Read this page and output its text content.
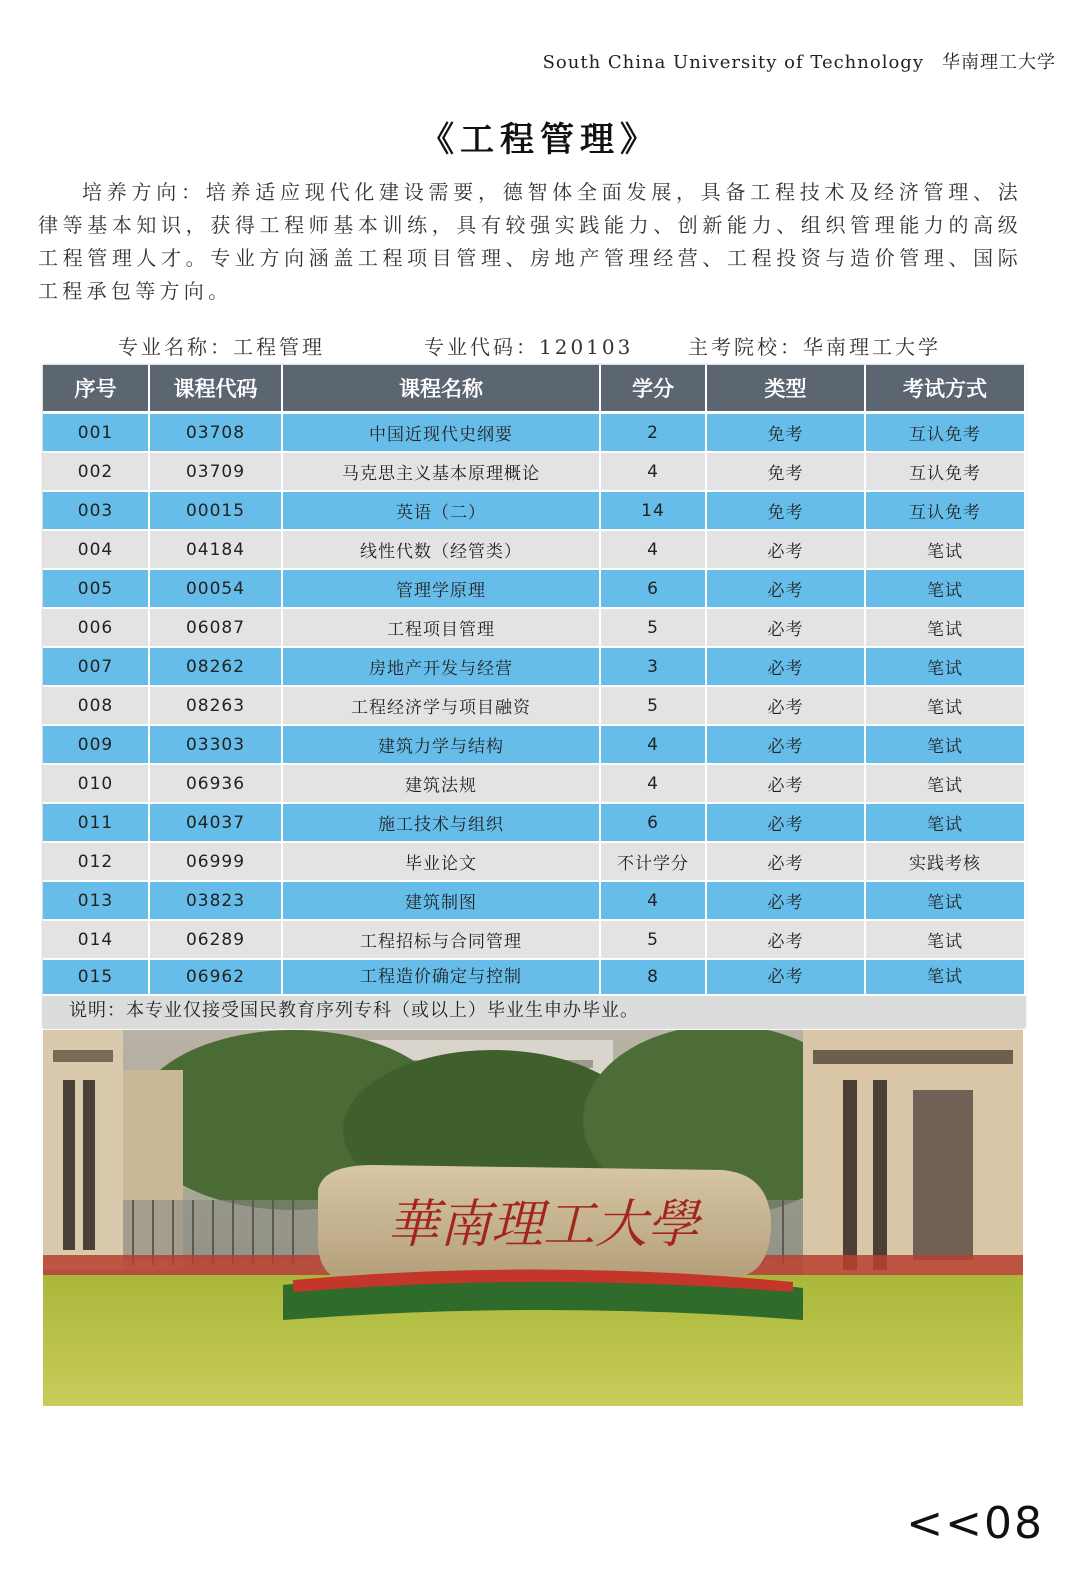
South China University of Technology 华南理工大学
《工程管理》
培养方向：培养适应现代化建设需要，德智体全面发展，具备工程技术及经济管理、法律等基本知识，获得工程师基本训练，具有较强实践能力、创新能力、组织管理能力的高级工程管理人才。专业方向涵盖工程项目管理、房地产管理经营、工程投资与造价管理、国际工程承包等方向。
专业名称：工程管理	专业代码：120103	主考院校：华南理工大学
序号	课程代码	课程名称	学分	类型	考试方式
001	03708	中国近现代史纲要	2	免考	互认免考
002	03709	马克思主义基本原理概论	4	免考	互认免考
003	00015	英语（二）	14	免考	互认免考
004	04184	线性代数（经管类）	4	必考	笔试
005	00054	管理学原理	6	必考	笔试
006	06087	工程项目管理	5	必考	笔试
007	08262	房地产开发与经营	3	必考	笔试
008	08263	工程经济学与项目融资	5	必考	笔试
009	03303	建筑力学与结构	4	必考	笔试
010	06936	建筑法规	4	必考	笔试
011	04037	施工技术与组织	6	必考	笔试
012	06999	毕业论文	不计学分	必考	实践考核
013	03823	建筑制图	4	必考	笔试
014	06289	工程招标与合同管理	5	必考	笔试
015	06962	工程造价确定与控制	8	必考	笔试
说明：本专业仅接受国民教育序列专科（或以上）毕业生申办毕业。
華南理工大學
<<08
